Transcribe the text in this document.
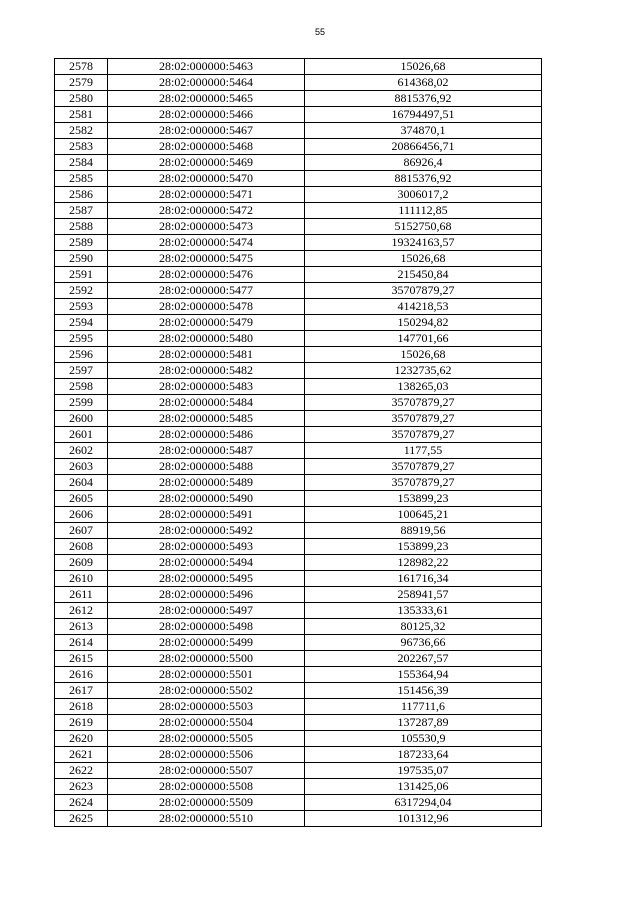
55
2578	28:02:000000:5463	15026,68
2579	28:02:000000:5464	614368,02
2580	28:02:000000:5465	8815376,92
2581	28:02:000000:5466	16794497,51
2582	28:02:000000:5467	374870,1
2583	28:02:000000:5468	20866456,71
2584	28:02:000000:5469	86926,4
2585	28:02:000000:5470	8815376,92
2586	28:02:000000:5471	3006017,2
2587	28:02:000000:5472	111112,85
2588	28:02:000000:5473	5152750,68
2589	28:02:000000:5474	19324163,57
2590	28:02:000000:5475	15026,68
2591	28:02:000000:5476	215450,84
2592	28:02:000000:5477	35707879,27
2593	28:02:000000:5478	414218,53
2594	28:02:000000:5479	150294,82
2595	28:02:000000:5480	147701,66
2596	28:02:000000:5481	15026,68
2597	28:02:000000:5482	1232735,62
2598	28:02:000000:5483	138265,03
2599	28:02:000000:5484	35707879,27
2600	28:02:000000:5485	35707879,27
2601	28:02:000000:5486	35707879,27
2602	28:02:000000:5487	1177,55
2603	28:02:000000:5488	35707879,27
2604	28:02:000000:5489	35707879,27
2605	28:02:000000:5490	153899,23
2606	28:02:000000:5491	100645,21
2607	28:02:000000:5492	88919,56
2608	28:02:000000:5493	153899,23
2609	28:02:000000:5494	128982,22
2610	28:02:000000:5495	161716,34
2611	28:02:000000:5496	258941,57
2612	28:02:000000:5497	135333,61
2613	28:02:000000:5498	80125,32
2614	28:02:000000:5499	96736,66
2615	28:02:000000:5500	202267,57
2616	28:02:000000:5501	155364,94
2617	28:02:000000:5502	151456,39
2618	28:02:000000:5503	117711,6
2619	28:02:000000:5504	137287,89
2620	28:02:000000:5505	105530,9
2621	28:02:000000:5506	187233,64
2622	28:02:000000:5507	197535,07
2623	28:02:000000:5508	131425,06
2624	28:02:000000:5509	6317294,04
2625	28:02:000000:5510	101312,96
